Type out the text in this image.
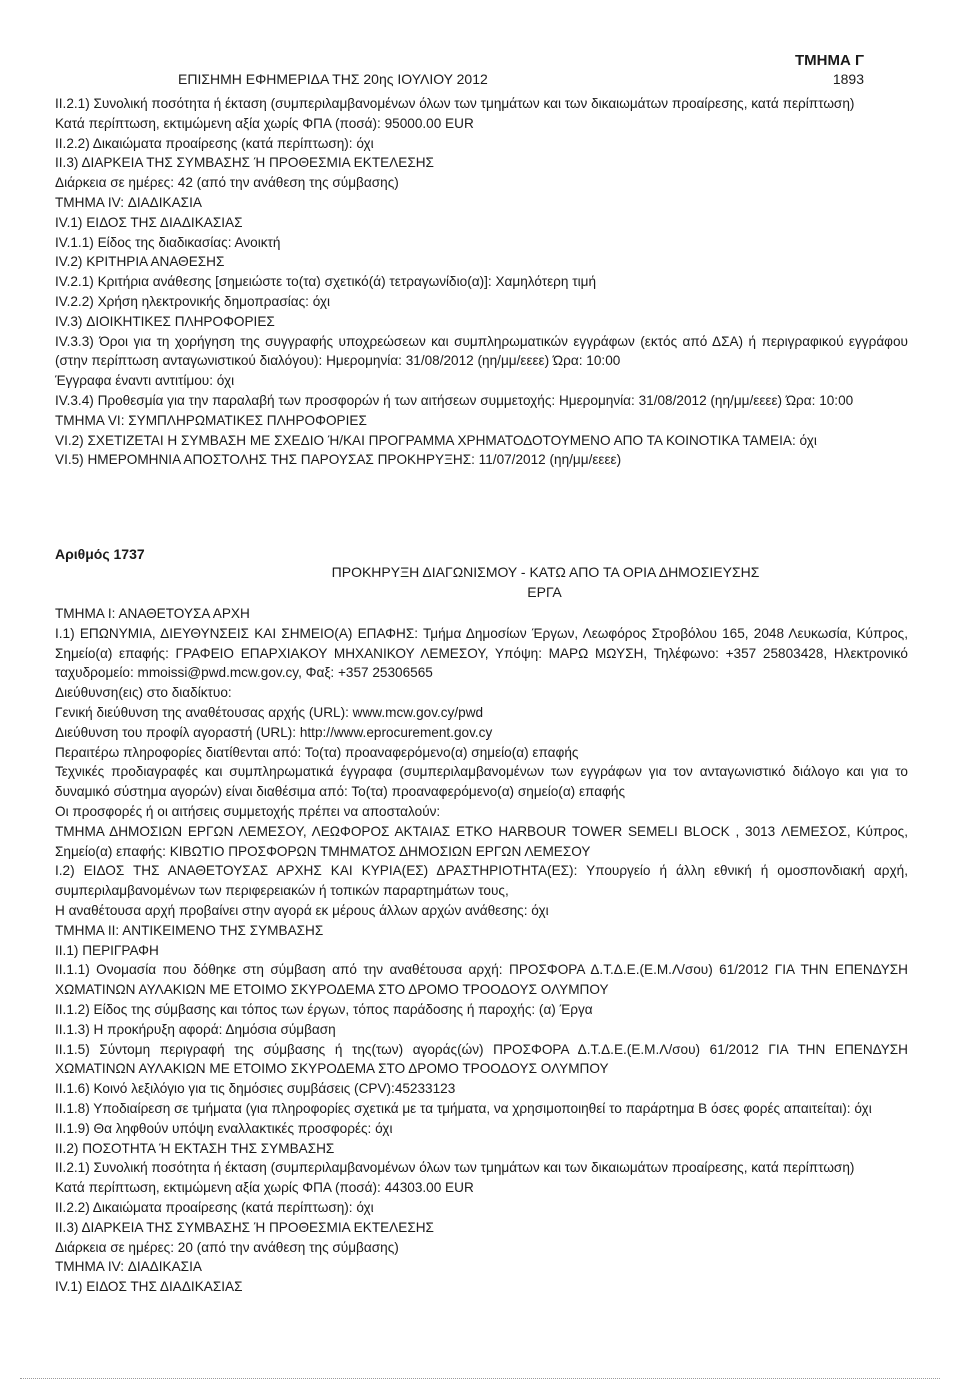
ΤΜΗΜΑ Γ
ΕΠΙΣΗΜΗ ΕΦΗΜΕΡΙΔΑ ΤΗΣ 20ης ΙΟΥΛΙΟΥ 2012	1893

ΙΙ.2.1) Συνολική ποσότητα ή έκταση (συμπεριλαμβανομένων όλων των τμημάτων και των δικαιωμάτων προαίρεσης, κατά περίπτωση)

Κατά περίπτωση, εκτιμώμενη αξία χωρίς ΦΠΑ (ποσά): 95000.00 EUR

ΙΙ.2.2) Δικαιώματα προαίρεσης (κατά περίπτωση): όχι

ΙΙ.3) ΔΙΑΡΚΕΙΑ ΤΗΣ ΣΥΜΒΑΣΗΣ Ή ΠΡΟΘΕΣΜΙΑ ΕΚΤΕΛΕΣΗΣ

Διάρκεια σε ημέρες: 42 (από την ανάθεση της σύμβασης)

ΤΜΗΜΑ IV: ΔΙΑΔΙΚΑΣΙΑ

IV.1) ΕΙΔΟΣ ΤΗΣ ΔΙΑΔΙΚΑΣΙΑΣ

IV.1.1) Είδος της διαδικασίας: Ανοικτή

IV.2) ΚΡΙΤΗΡΙΑ ΑΝΑΘΕΣΗΣ

IV.2.1) Κριτήρια ανάθεσης [σημειώστε το(τα) σχετικό(ά) τετραγωνίδιο(α)]: Χαμηλότερη τιμή

IV.2.2) Χρήση ηλεκτρονικής δημοπρασίας: όχι

IV.3) ΔΙΟΙΚΗΤΙΚΕΣ ΠΛΗΡΟΦΟΡΙΕΣ

IV.3.3) Όροι για τη χορήγηση της συγγραφής υποχρεώσεων και συμπληρωματικών εγγράφων (εκτός από ΔΣΑ) ή περιγραφικού εγγράφου (στην περίπτωση ανταγωνιστικού διαλόγου): Ημερομηνία: 31/08/2012 (ηη/μμ/εεεε) Ώρα: 10:00

Έγγραφα έναντι αντιτίμου: όχι

IV.3.4) Προθεσμία για την παραλαβή των προσφορών ή των αιτήσεων συμμετοχής: Ημερομηνία: 31/08/2012 (ηη/μμ/εεεε) Ώρα: 10:00

ΤΜΗΜΑ VI: ΣΥΜΠΛΗΡΩΜΑΤΙΚΕΣ ΠΛΗΡΟΦΟΡΙΕΣ

VI.2) ΣΧΕΤΙΖΕΤΑΙ Η ΣΥΜΒΑΣΗ ΜΕ ΣΧΕΔΙΟ Ή/ΚΑΙ ΠΡΟΓΡΑΜΜΑ ΧΡΗΜΑΤΟΔΟΤΟΥΜΕΝΟ ΑΠΟ ΤΑ ΚΟΙΝΟΤΙΚΑ ΤΑΜΕΙΑ: όχι

VI.5) ΗΜΕΡΟΜΗΝΙΑ ΑΠΟΣΤΟΛΗΣ ΤΗΣ ΠΑΡΟΥΣΑΣ ΠΡΟΚΗΡΥΞΗΣ: 11/07/2012 (ηη/μμ/εεεε)

Αριθμός 1737
ΠΡΟΚΗΡΥΞΗ ΔΙΑΓΩΝΙΣΜΟΥ - ΚΑΤΩ ΑΠΟ ΤΑ ΟΡΙΑ ΔΗΜΟΣΙΕΥΣΗΣ
ΕΡΓΑ

ΤΜΗΜΑ Ι: ΑΝΑΘΕΤΟΥΣΑ ΑΡΧΗ

Ι.1) ΕΠΩΝΥΜΙΑ, ΔΙΕΥΘΥΝΣΕΙΣ ΚΑΙ ΣΗΜΕΙΟ(Α) ΕΠΑΦΗΣ: Τμήμα Δημοσίων Έργων, Λεωφόρος Στροβόλου 165, 2048 Λευκωσία, Κύπρος, Σημείο(α) επαφής: ΓΡΑΦΕΙΟ ΕΠΑΡΧΙΑΚΟΥ ΜΗΧΑΝΙΚΟΥ ΛΕΜΕΣΟΥ, Υπόψη: ΜΑΡΩ ΜΩΥΣΗ, Τηλέφωνο: +357 25803428, Ηλεκτρονικό ταχυδρομείο: mmoissi@pwd.mcw.gov.cy, Φαξ: +357 25306565

Διεύθυνση(εις) στο διαδίκτυο:

Γενική διεύθυνση της αναθέτουσας αρχής (URL): www.mcw.gov.cy/pwd

Διεύθυνση του προφίλ αγοραστή (URL): http://www.eprocurement.gov.cy

Περαιτέρω πληροφορίες διατίθενται από: Το(τα) προαναφερόμενο(α) σημείο(α) επαφής

Τεχνικές προδιαγραφές και συμπληρωματικά έγγραφα (συμπεριλαμβανομένων των εγγράφων για τον ανταγωνιστικό διάλογο και για το δυναμικό σύστημα αγορών) είναι διαθέσιμα από: Το(τα) προαναφερόμενο(α) σημείο(α) επαφής

Οι προσφορές ή οι αιτήσεις συμμετοχής πρέπει να αποσταλούν:

ΤΜΗΜΑ ΔΗΜΟΣΙΩΝ ΕΡΓΩΝ ΛΕΜΕΣΟΥ, ΛΕΩΦΟΡΟΣ ΑΚΤΑΙΑΣ ΕΤΚΟ HARBOUR TOWER SEMELI BLOCK , 3013 ΛΕΜΕΣΟΣ, Κύπρος, Σημείο(α) επαφής: ΚΙΒΩΤΙΟ ΠΡΟΣΦΟΡΩΝ ΤΜΗΜΑΤΟΣ ΔΗΜΟΣΙΩΝ ΕΡΓΩΝ ΛΕΜΕΣΟΥ

Ι.2) ΕΙΔΟΣ ΤΗΣ ΑΝΑΘΕΤΟΥΣΑΣ ΑΡΧΗΣ ΚΑΙ ΚΥΡΙΑ(ΕΣ) ΔΡΑΣΤΗΡΙΟΤΗΤΑ(ΕΣ): Υπουργείο ή άλλη εθνική ή ομοσπονδιακή αρχή, συμπεριλαμβανομένων των περιφερειακών ή τοπικών παραρτημάτων τους,

Η αναθέτουσα αρχή προβαίνει στην αγορά εκ μέρους άλλων αρχών ανάθεσης: όχι

ΤΜΗΜΑ ΙΙ: ΑΝΤΙΚΕΙΜΕΝΟ ΤΗΣ ΣΥΜΒΑΣΗΣ

ΙΙ.1) ΠΕΡΙΓΡΑΦΗ

ΙΙ.1.1) Ονομασία που δόθηκε στη σύμβαση από την αναθέτουσα αρχή: ΠΡΟΣΦΟΡΑ Δ.Τ.Δ.Ε.(Ε.Μ.Λ/σου) 61/2012 ΓΙΑ ΤΗΝ ΕΠΕΝΔΥΣΗ ΧΩΜΑΤΙΝΩΝ ΑΥΛΑΚΙΩΝ ΜΕ ΕΤΟΙΜΟ ΣΚΥΡΟΔΕΜΑ ΣΤΟ ΔΡΟΜΟ ΤΡΟΟΔΟΥΣ ΟΛΥΜΠΟΥ

ΙΙ.1.2) Είδος της σύμβασης και τόπος των έργων, τόπος παράδοσης ή παροχής: (α) Έργα

ΙΙ.1.3) Η προκήρυξη αφορά: Δημόσια σύμβαση

ΙΙ.1.5) Σύντομη περιγραφή της σύμβασης ή της(των) αγοράς(ών) ΠΡΟΣΦΟΡΑ Δ.Τ.Δ.Ε.(Ε.Μ.Λ/σου) 61/2012 ΓΙΑ ΤΗΝ ΕΠΕΝΔΥΣΗ ΧΩΜΑΤΙΝΩΝ ΑΥΛΑΚΙΩΝ ΜΕ ΕΤΟΙΜΟ ΣΚΥΡΟΔΕΜΑ ΣΤΟ ΔΡΟΜΟ ΤΡΟΟΔΟΥΣ ΟΛΥΜΠΟΥ

ΙΙ.1.6) Κοινό λεξιλόγιο για τις δημόσιες συμβάσεις (CPV):45233123

ΙΙ.1.8) Υποδιαίρεση σε τμήματα (για πληροφορίες σχετικά με τα τμήματα, να χρησιμοποιηθεί το παράρτημα Β όσες φορές απαιτείται): όχι

ΙΙ.1.9) Θα ληφθούν υπόψη εναλλακτικές προσφορές: όχι

ΙΙ.2) ΠΟΣΟΤΗΤΑ Ή ΕΚΤΑΣΗ ΤΗΣ ΣΥΜΒΑΣΗΣ

ΙΙ.2.1) Συνολική ποσότητα ή έκταση (συμπεριλαμβανομένων όλων των τμημάτων και των δικαιωμάτων προαίρεσης, κατά περίπτωση)

Κατά περίπτωση, εκτιμώμενη αξία χωρίς ΦΠΑ (ποσά): 44303.00 EUR

ΙΙ.2.2) Δικαιώματα προαίρεσης (κατά περίπτωση): όχι

ΙΙ.3) ΔΙΑΡΚΕΙΑ ΤΗΣ ΣΥΜΒΑΣΗΣ Ή ΠΡΟΘΕΣΜΙΑ ΕΚΤΕΛΕΣΗΣ

Διάρκεια σε ημέρες: 20 (από την ανάθεση της σύμβασης)

ΤΜΗΜΑ IV: ΔΙΑΔΙΚΑΣΙΑ

IV.1) ΕΙΔΟΣ ΤΗΣ ΔΙΑΔΙΚΑΣΙΑΣ
